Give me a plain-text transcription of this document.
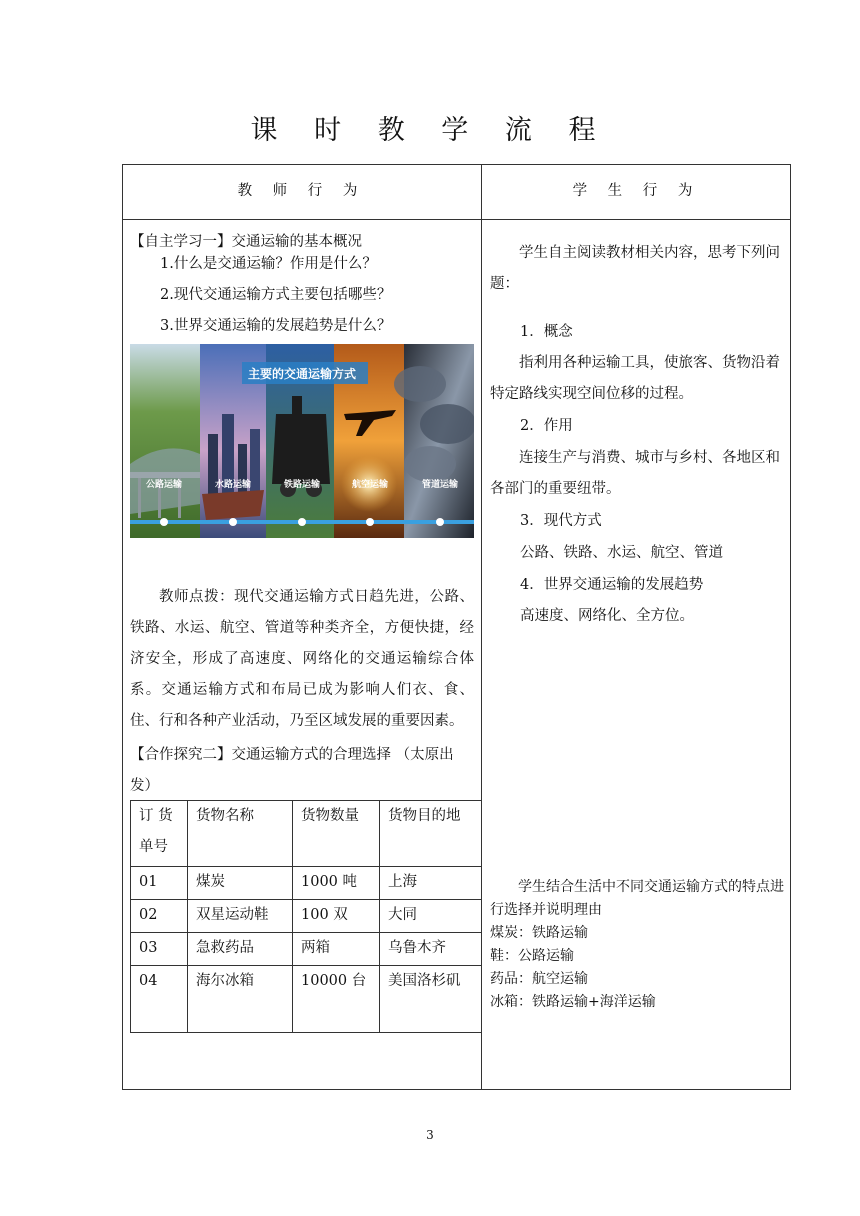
课 时 教 学 流 程
教 师 行 为	学 生 行 为
【自主学习一】交通运输的基本概况
1.什么是交通运输？作用是什么？
2.现代交通运输方式主要包括哪些？
3.世界交通运输的发展趋势是什么？
主要的交通运输方式
公路运输	水路运输	铁路运输	航空运输	管道运输
教师点拨：现代交通运输方式日趋先进，公路、铁路、水运、航空、管道等种类齐全，方便快捷，经济安全，形成了高速度、网络化的交通运输综合体系。交通运输方式和布局已成为影响人们衣、食、住、行和各种产业活动，乃至区域发展的重要因素。
【合作探究二】交通运输方式的合理选择 （太原出发）
订 货单号	货物名称	货物数量	货物目的地
01	煤炭	1000 吨	上海
02	双星运动鞋	100 双	大同
03	急救药品	两箱	乌鲁木齐
04	海尔冰箱	10000 台	美国洛杉矶
学生自主阅读教材相关内容，思考下列问题：
1．概念
指利用各种运输工具，使旅客、货物沿着特定路线实现空间位移的过程。
2．作用
连接生产与消费、城市与乡村、各地区和各部门的重要纽带。
3．现代方式
公路、铁路、水运、航空、管道
4．世界交通运输的发展趋势
高速度、网络化、全方位。
学生结合生活中不同交通运输方式的特点进行选择并说明理由
煤炭：铁路运输
鞋：公路运输
药品：航空运输
冰箱：铁路运输+海洋运输
3
